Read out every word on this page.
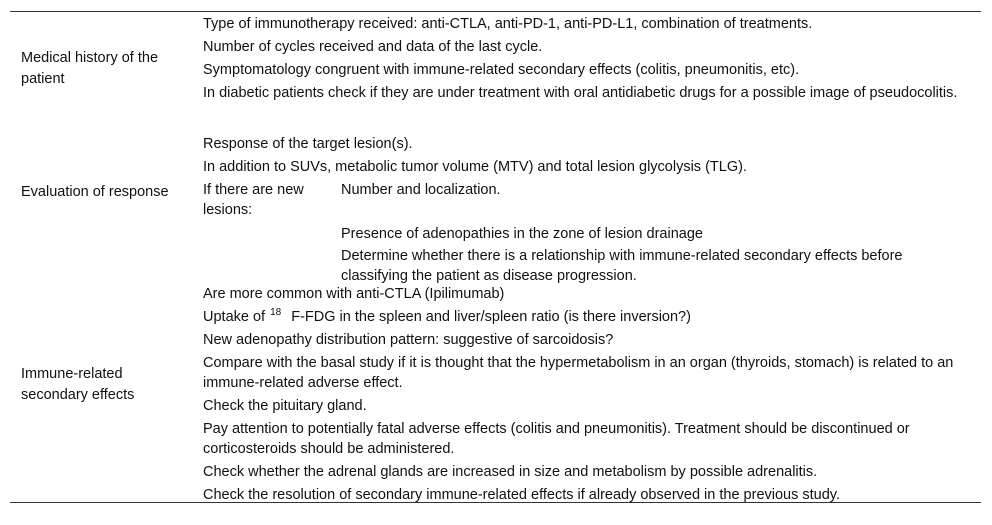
Medical history of the patient
Type of immunotherapy received: anti-CTLA, anti-PD-1, anti-PD-L1, combination of treatments.
Number of cycles received and data of the last cycle.
Symptomatology congruent with immune-related secondary effects (colitis, pneumonitis, etc).
In diabetic patients check if they are under treatment with oral antidiabetic drugs for a possible image of pseudocolitis.
Evaluation of response
Response of the target lesion(s).
In addition to SUVs, metabolic tumor volume (MTV) and total lesion glycolysis (TLG).
If there are new lesions:
Number and localization.
Presence of adenopathies in the zone of lesion drainage
Determine whether there is a relationship with immune-related secondary effects before classifying the patient as disease progression.
Immune-related secondary effects
Are more common with anti-CTLA (Ipilimumab)
Uptake of $^{18}$ F-FDG in the spleen and liver/spleen ratio (is there inversion?)
New adenopathy distribution pattern: suggestive of sarcoidosis?
Compare with the basal study if it is thought that the hypermetabolism in an organ (thyroids, stomach) is related to an immune-related adverse effect.
Check the pituitary gland.
Pay attention to potentially fatal adverse effects (colitis and pneumonitis). Treatment should be discontinued or corticosteroids should be administered.
Check whether the adrenal glands are increased in size and metabolism by possible adrenalitis.
Check the resolution of secondary immune-related effects if already observed in the previous study.
